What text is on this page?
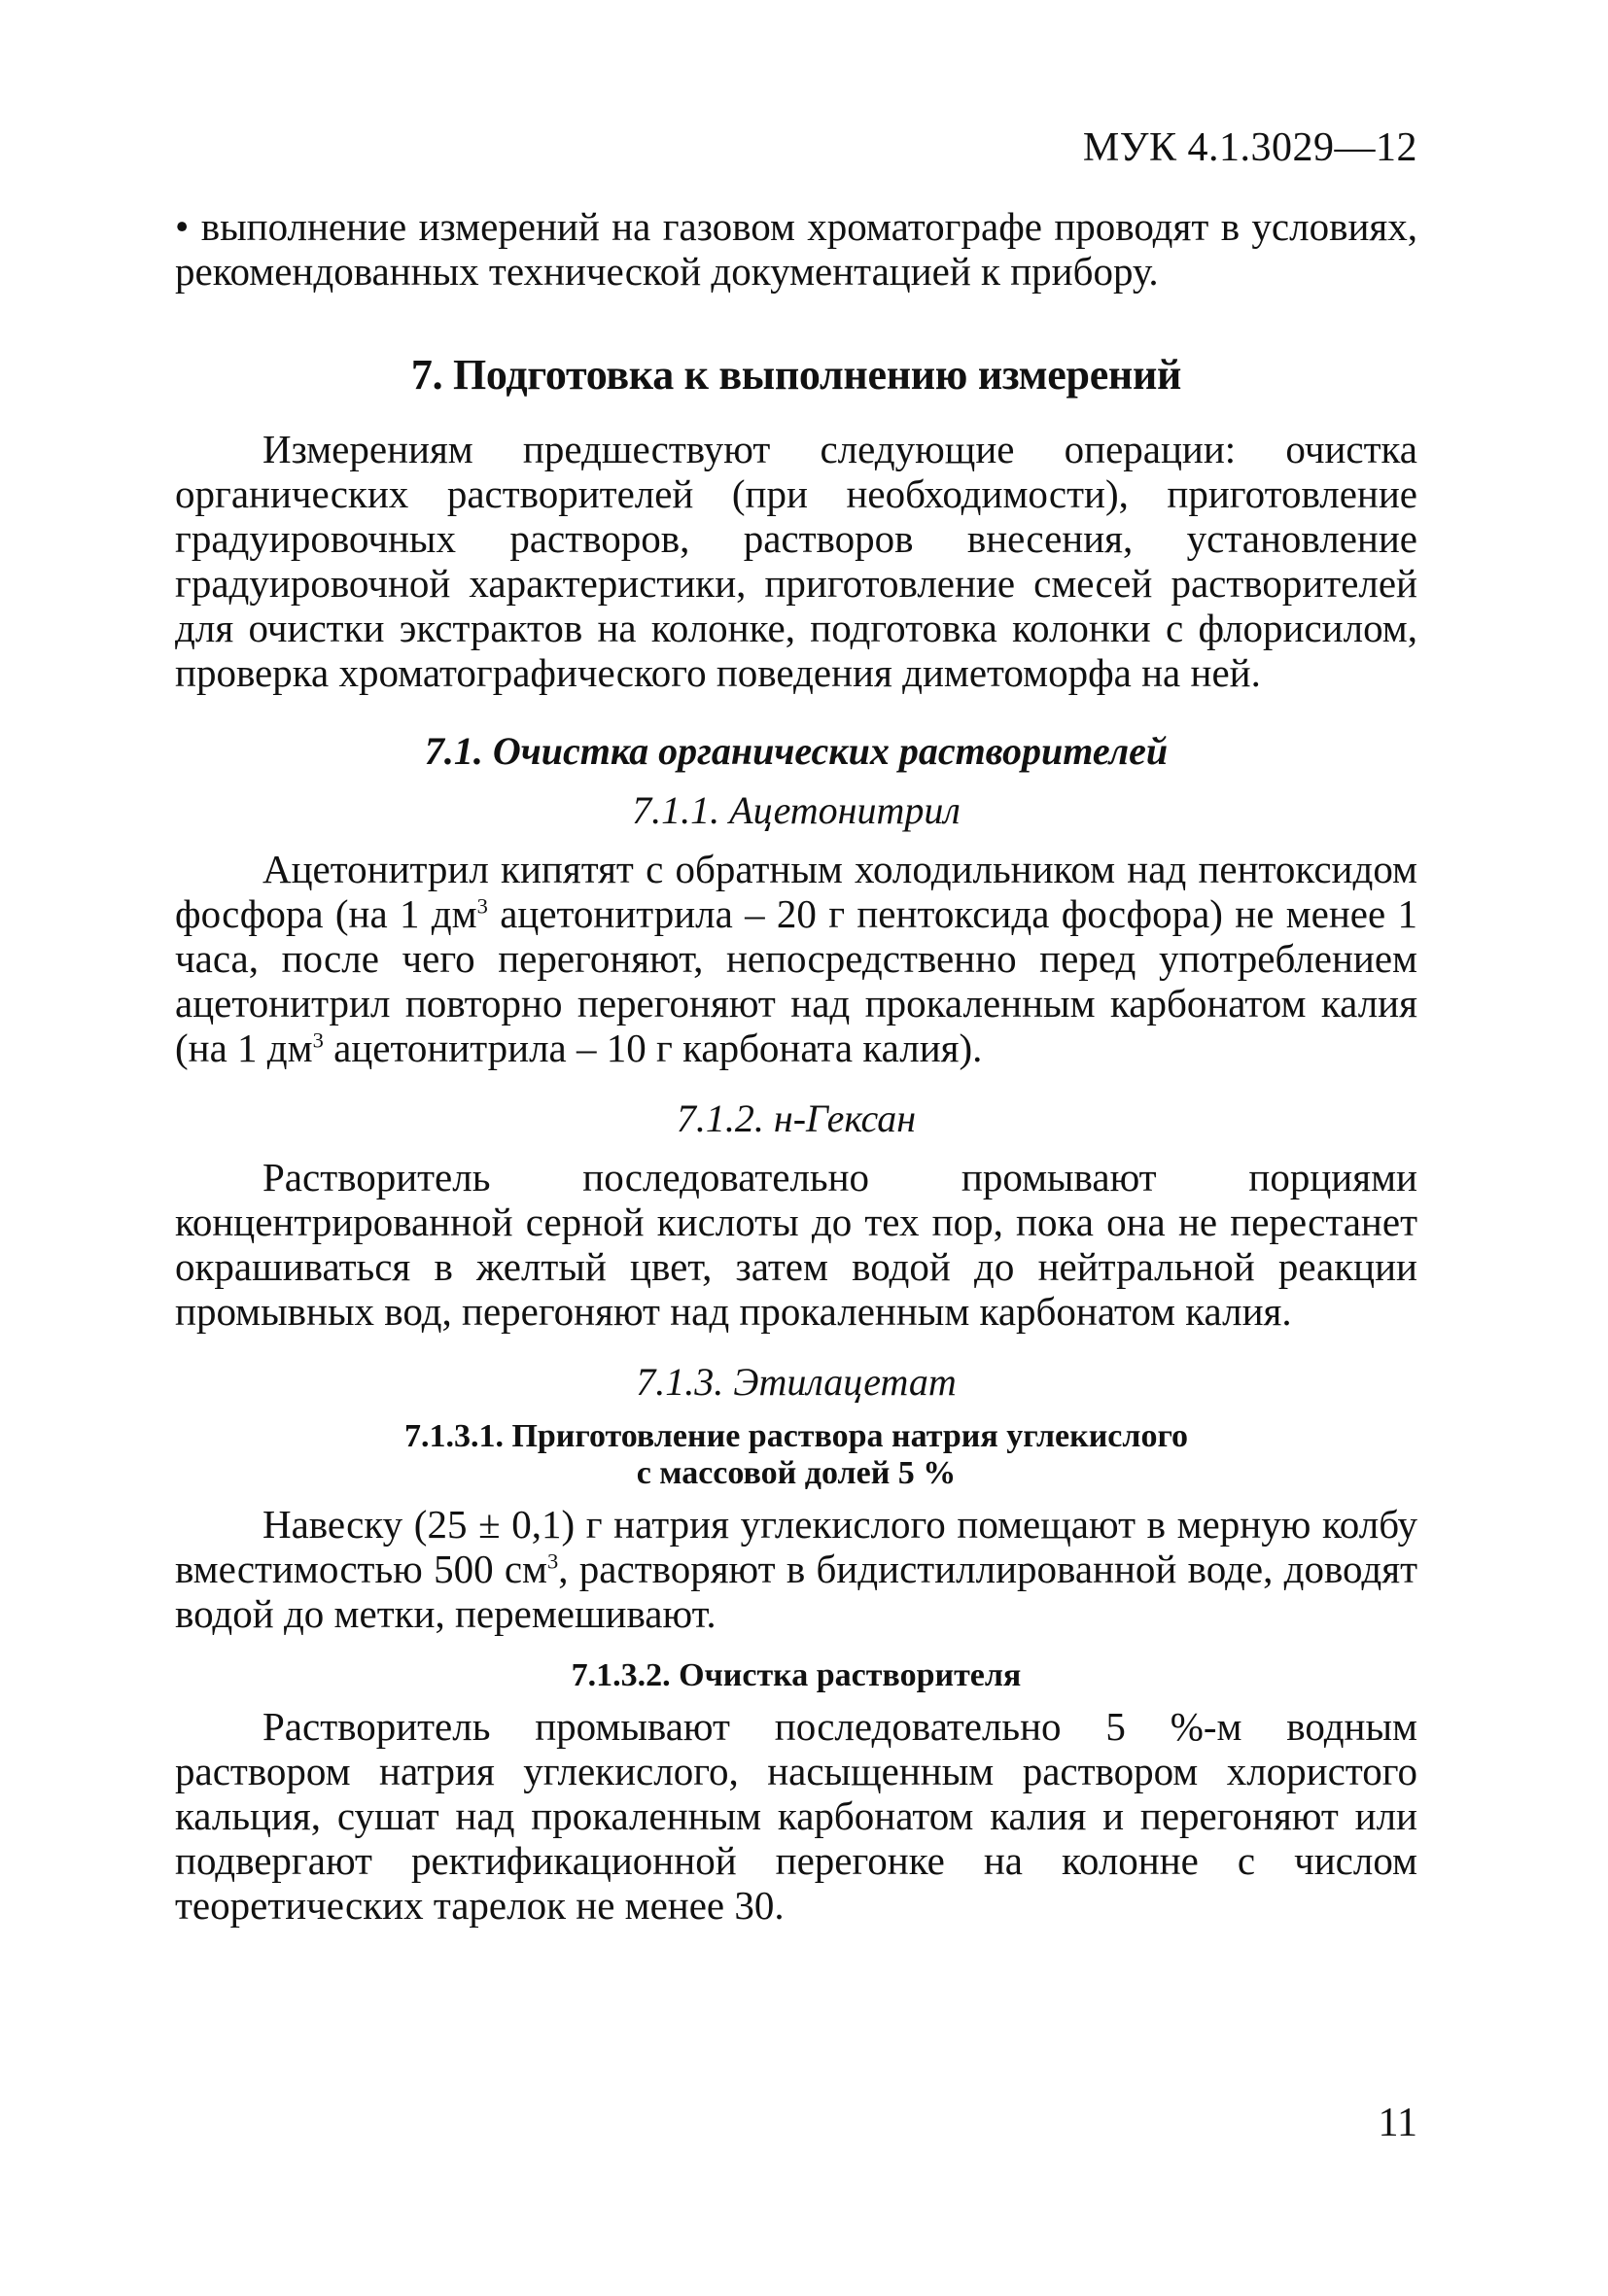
МУК 4.1.3029—12

• выполнение измерений на газовом хроматографе проводят в условиях, рекомендованных технической документацией к прибору.

7. Подготовка к выполнению измерений

Измерениям предшествуют следующие операции: очистка органических растворителей (при необходимости), приготовление градуировочных растворов, растворов внесения, установление градуировочной характеристики, приготовление смесей растворителей для очистки экстрактов на колонке, подготовка колонки с флорисилом, проверка хроматографического поведения диметоморфа на ней.

7.1. Очистка органических растворителей
7.1.1. Ацетонитрил

Ацетонитрил кипятят с обратным холодильником над пентоксидом фосфора (на 1 $дм^3$ ацетонитрила – 20 г пентоксида фосфора) не менее 1 часа, после чего перегоняют, непосредственно перед употреблением ацетонитрил повторно перегоняют над прокаленным карбонатом калия (на 1 $дм^3$ ацетонитрила – 10 г карбоната калия).

7.1.2. н-Гексан

Растворитель последовательно промывают порциями концентрированной серной кислоты до тех пор, пока она не перестанет окрашиваться в желтый цвет, затем водой до нейтральной реакции промывных вод, перегоняют над прокаленным карбонатом калия.

7.1.3. Этилацетат
7.1.3.1. Приготовление раствора натрия углекислого
с массовой долей 5 %

Навеску (25 ± 0,1) г натрия углекислого помещают в мерную колбу вместимостью 500 $см^3$, растворяют в бидистиллированной воде, доводят водой до метки, перемешивают.

7.1.3.2. Очистка растворителя

Растворитель промывают последовательно 5 %-м водным раствором натрия углекислого, насыщенным раствором хлористого кальция, сушат над прокаленным карбонатом калия и перегоняют или подвергают ректификационной перегонке на колонне с числом теоретических тарелок не менее 30.

11
